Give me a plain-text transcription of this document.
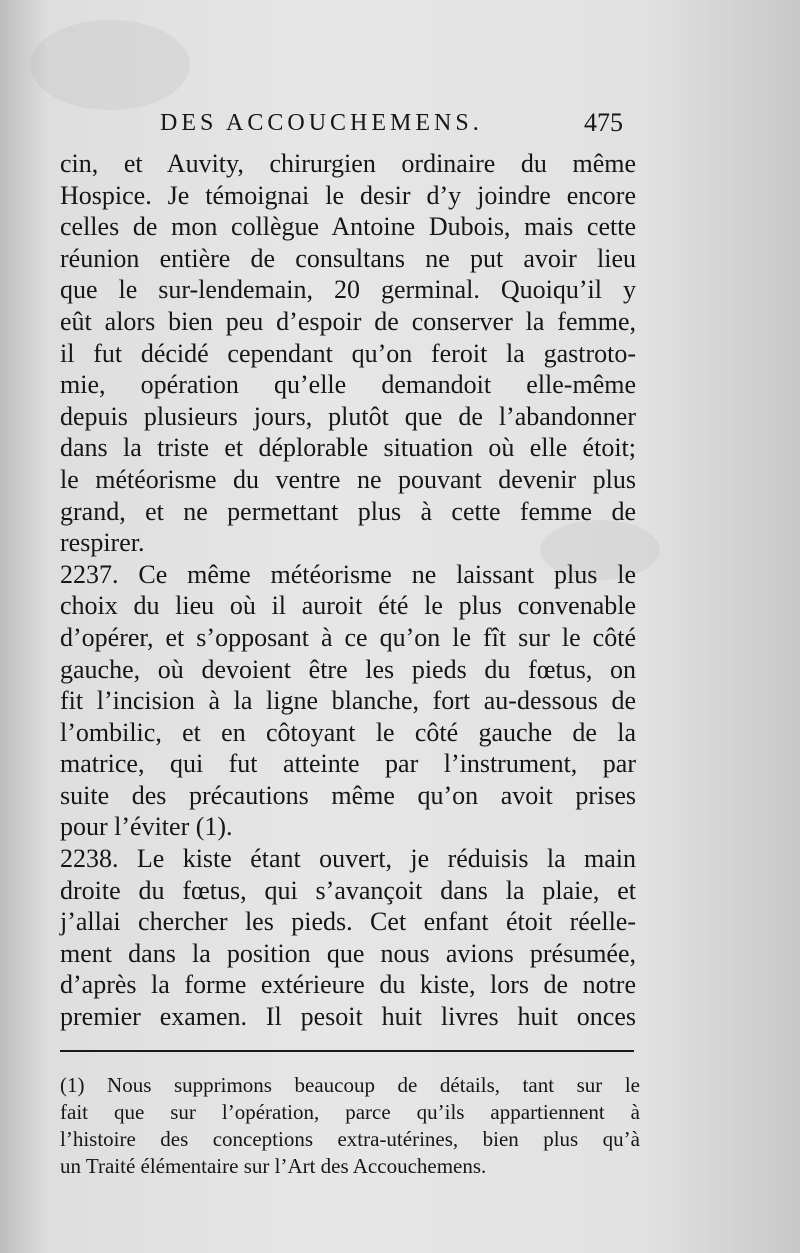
DES ACCOUCHEMENS.	475
cin, et Auvity, chirurgien ordinaire du même
Hospice. Je témoignai le desir d’y joindre encore
celles de mon collègue Antoine Dubois, mais cette
réunion entière de consultans ne put avoir lieu
que le sur-lendemain, 20 germinal. Quoiqu’il y
eût alors bien peu d’espoir de conserver la femme,
il fut décidé cependant qu’on feroit la gastroto-
mie, opération qu’elle demandoit elle-même
depuis plusieurs jours, plutôt que de l’abandonner
dans la triste et déplorable situation où elle étoit;
le météorisme du ventre ne pouvant devenir plus
grand, et ne permettant plus à cette femme de
respirer.
2237. Ce même météorisme ne laissant plus le
choix du lieu où il auroit été le plus convenable
d’opérer, et s’opposant à ce qu’on le fît sur le côté
gauche, où devoient être les pieds du fœtus, on
fit l’incision à la ligne blanche, fort au-dessous de
l’ombilic, et en côtoyant le côté gauche de la
matrice, qui fut atteinte par l’instrument, par
suite des précautions même qu’on avoit prises
pour l’éviter (1).
2238. Le kiste étant ouvert, je réduisis la main
droite du fœtus, qui s’avançoit dans la plaie, et
j’allai chercher les pieds. Cet enfant étoit réelle-
ment dans la position que nous avions présumée,
d’après la forme extérieure du kiste, lors de notre
premier examen. Il pesoit huit livres huit onces
(1) Nous supprimons beaucoup de détails, tant sur le
fait que sur l’opération, parce qu’ils appartiennent à
l’histoire des conceptions extra-utérines, bien plus qu’à
un Traité élémentaire sur l’Art des Accouchemens.
